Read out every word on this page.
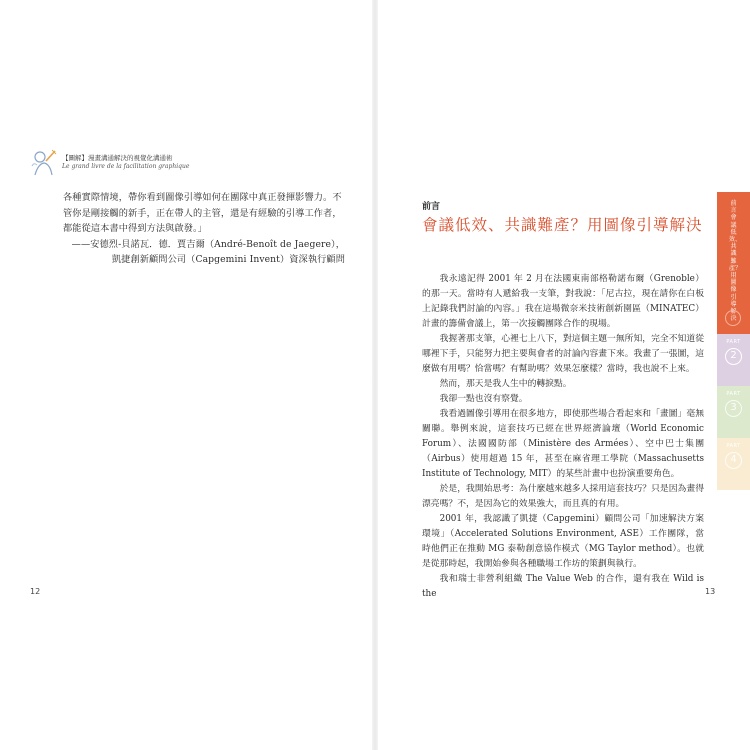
【圖解】漫畫溝通解決的視覺化溝通術
Le grand livre de la facilitation graphique

各種實際情境，帶你看到圖像引導如何在團隊中真正發揮影響力。不管你是剛接觸的新手，正在帶人的主管，還是有經驗的引導工作者，都能從這本書中得到方法與啟發。」

——安德烈-貝諾瓦．德．賈吉爾（André-Benoît de Jaegere），

凱捷創新顧問公司（Capgemini Invent）資深執行顧問

12
前言
會議低效、共識難產？用圖像引導解決

我永遠記得 2001 年 2 月在法國東南部格勒諾布爾（Grenoble）的那一天。當時有人遞給我一支筆，對我說：「尼古拉，現在請你在白板上記錄我們討論的內容。」我在這場微奈米技術創新園區（MINATEC）計畫的籌備會議上，第一次接觸團隊合作的現場。

我握著那支筆，心裡七上八下，對這個主題一無所知，完全不知道從哪裡下手，只能努力把主要與會者的討論內容畫下來。我畫了一張圖，這麼做有用嗎？恰當嗎？有幫助嗎？效果怎麼樣？當時，我也說不上來。

然而，那天是我人生中的轉捩點。

我卻一點也沒有察覺。

我看過圖像引導用在很多地方，即使那些場合看起來和「畫圖」毫無關聯。舉例來說，這套技巧已經在世界經濟論壇（World Economic Forum）、法國國防部（Ministère des Armées）、空中巴士集團（Airbus）使用超過 15 年，甚至在麻省理工學院（Massachusetts Institute of Technology, MIT）的某些計畫中也扮演重要角色。

於是，我開始思考：為什麼越來越多人採用這套技巧？只是因為畫得漂亮嗎？不，是因為它的效果強大，而且真的有用。

2001 年，我認識了凱捷（Capgemini）顧問公司「加速解決方案環境」（Accelerated Solutions Environment, ASE）工作團隊，當時他們正在推動 MG 泰勒創意協作模式（MG Taylor method）。也就是從那時起，我開始參與各種職場工作坊的策劃與執行。

我和瑞士非營利組織 The Value Web 的合作，還有我在 Wild is the

前言 會議低效、共識難產？用圖像引導解決
PART
2
PART
3
PART
4
13
